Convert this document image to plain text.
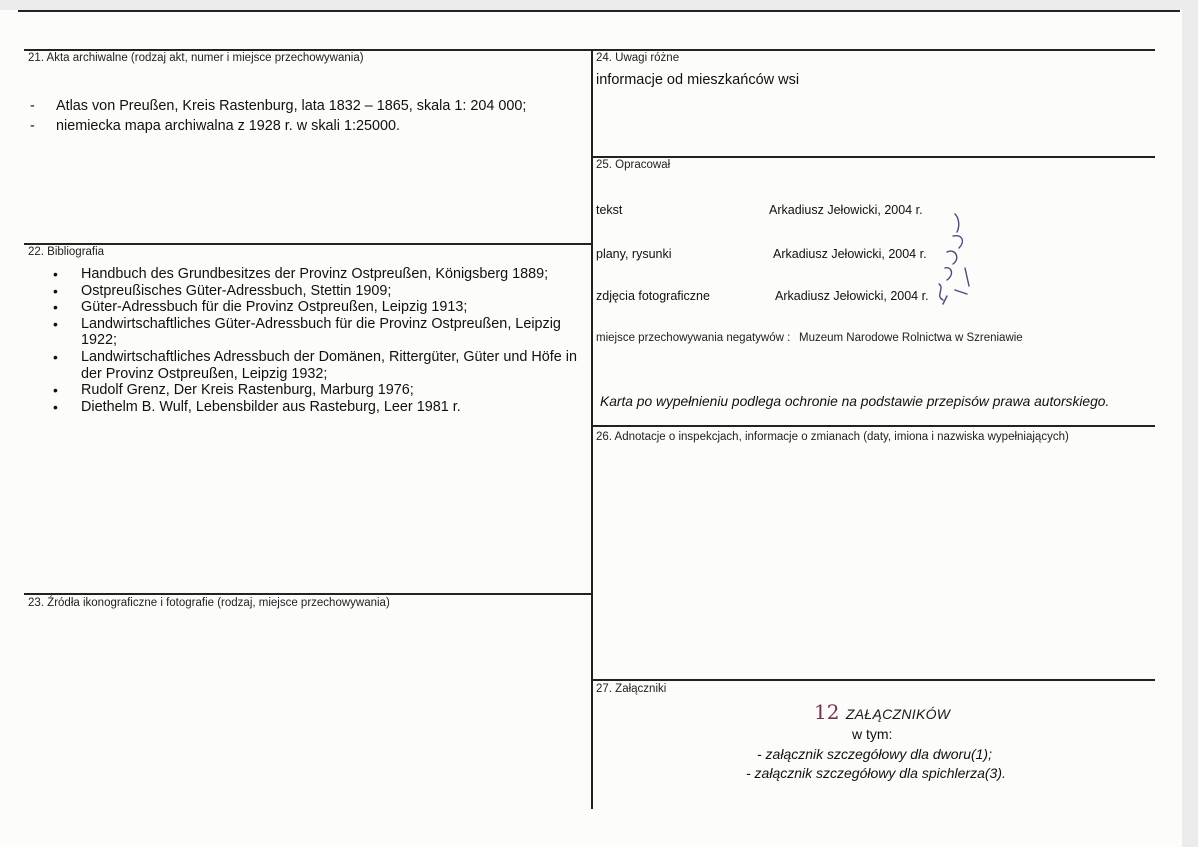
21. Akta archiwalne (rodzaj akt, numer i miejsce przechowywania)
- Atlas von Preußen, Kreis Rastenburg, lata 1832 – 1865, skala 1: 204 000;
- niemiecka mapa archiwalna z 1928 r. w skali 1:25000.
22. Bibliografia
• Handbuch des Grundbesitzes der Provinz Ostpreußen, Königsberg 1889;
• Ostpreußisches Güter-Adressbuch, Stettin 1909;
• Güter-Adressbuch für die Provinz Ostpreußen, Leipzig 1913;
• Landwirtschaftliches Güter-Adressbuch für die Provinz Ostpreußen, Leipzig 1922;
• Landwirtschaftliches Adressbuch der Domänen, Rittergüter, Güter und Höfe in der Provinz Ostpreußen, Leipzig 1932;
• Rudolf Grenz, Der Kreis Rastenburg, Marburg 1976;
• Diethelm B. Wulf, Lebensbilder aus Rasteburg, Leer 1981 r.
23. Źródła ikonograficzne i fotografie (rodzaj, miejsce przechowywania)
24. Uwagi różne
informacje od mieszkańców wsi
25. Opracował
tekst	Arkadiusz Jełowicki, 2004 r.
plany, rysunki	Arkadiusz Jełowicki, 2004 r.
zdjęcia fotograficzne	Arkadiusz Jełowicki, 2004 r.
miejsce przechowywania negatywów : Muzeum Narodowe Rolnictwa w Szreniawie
Karta po wypełnieniu podlega ochronie na podstawie przepisów prawa autorskiego.
26. Adnotacje o inspekcjach, informacje o zmianach (daty, imiona i nazwiska wypełniających)
27. Załączniki
12 ZAŁĄCZNIKÓW
w tym:
- załącznik szczegółowy dla dworu(1);
- załącznik szczegółowy dla spichlerza(3).
